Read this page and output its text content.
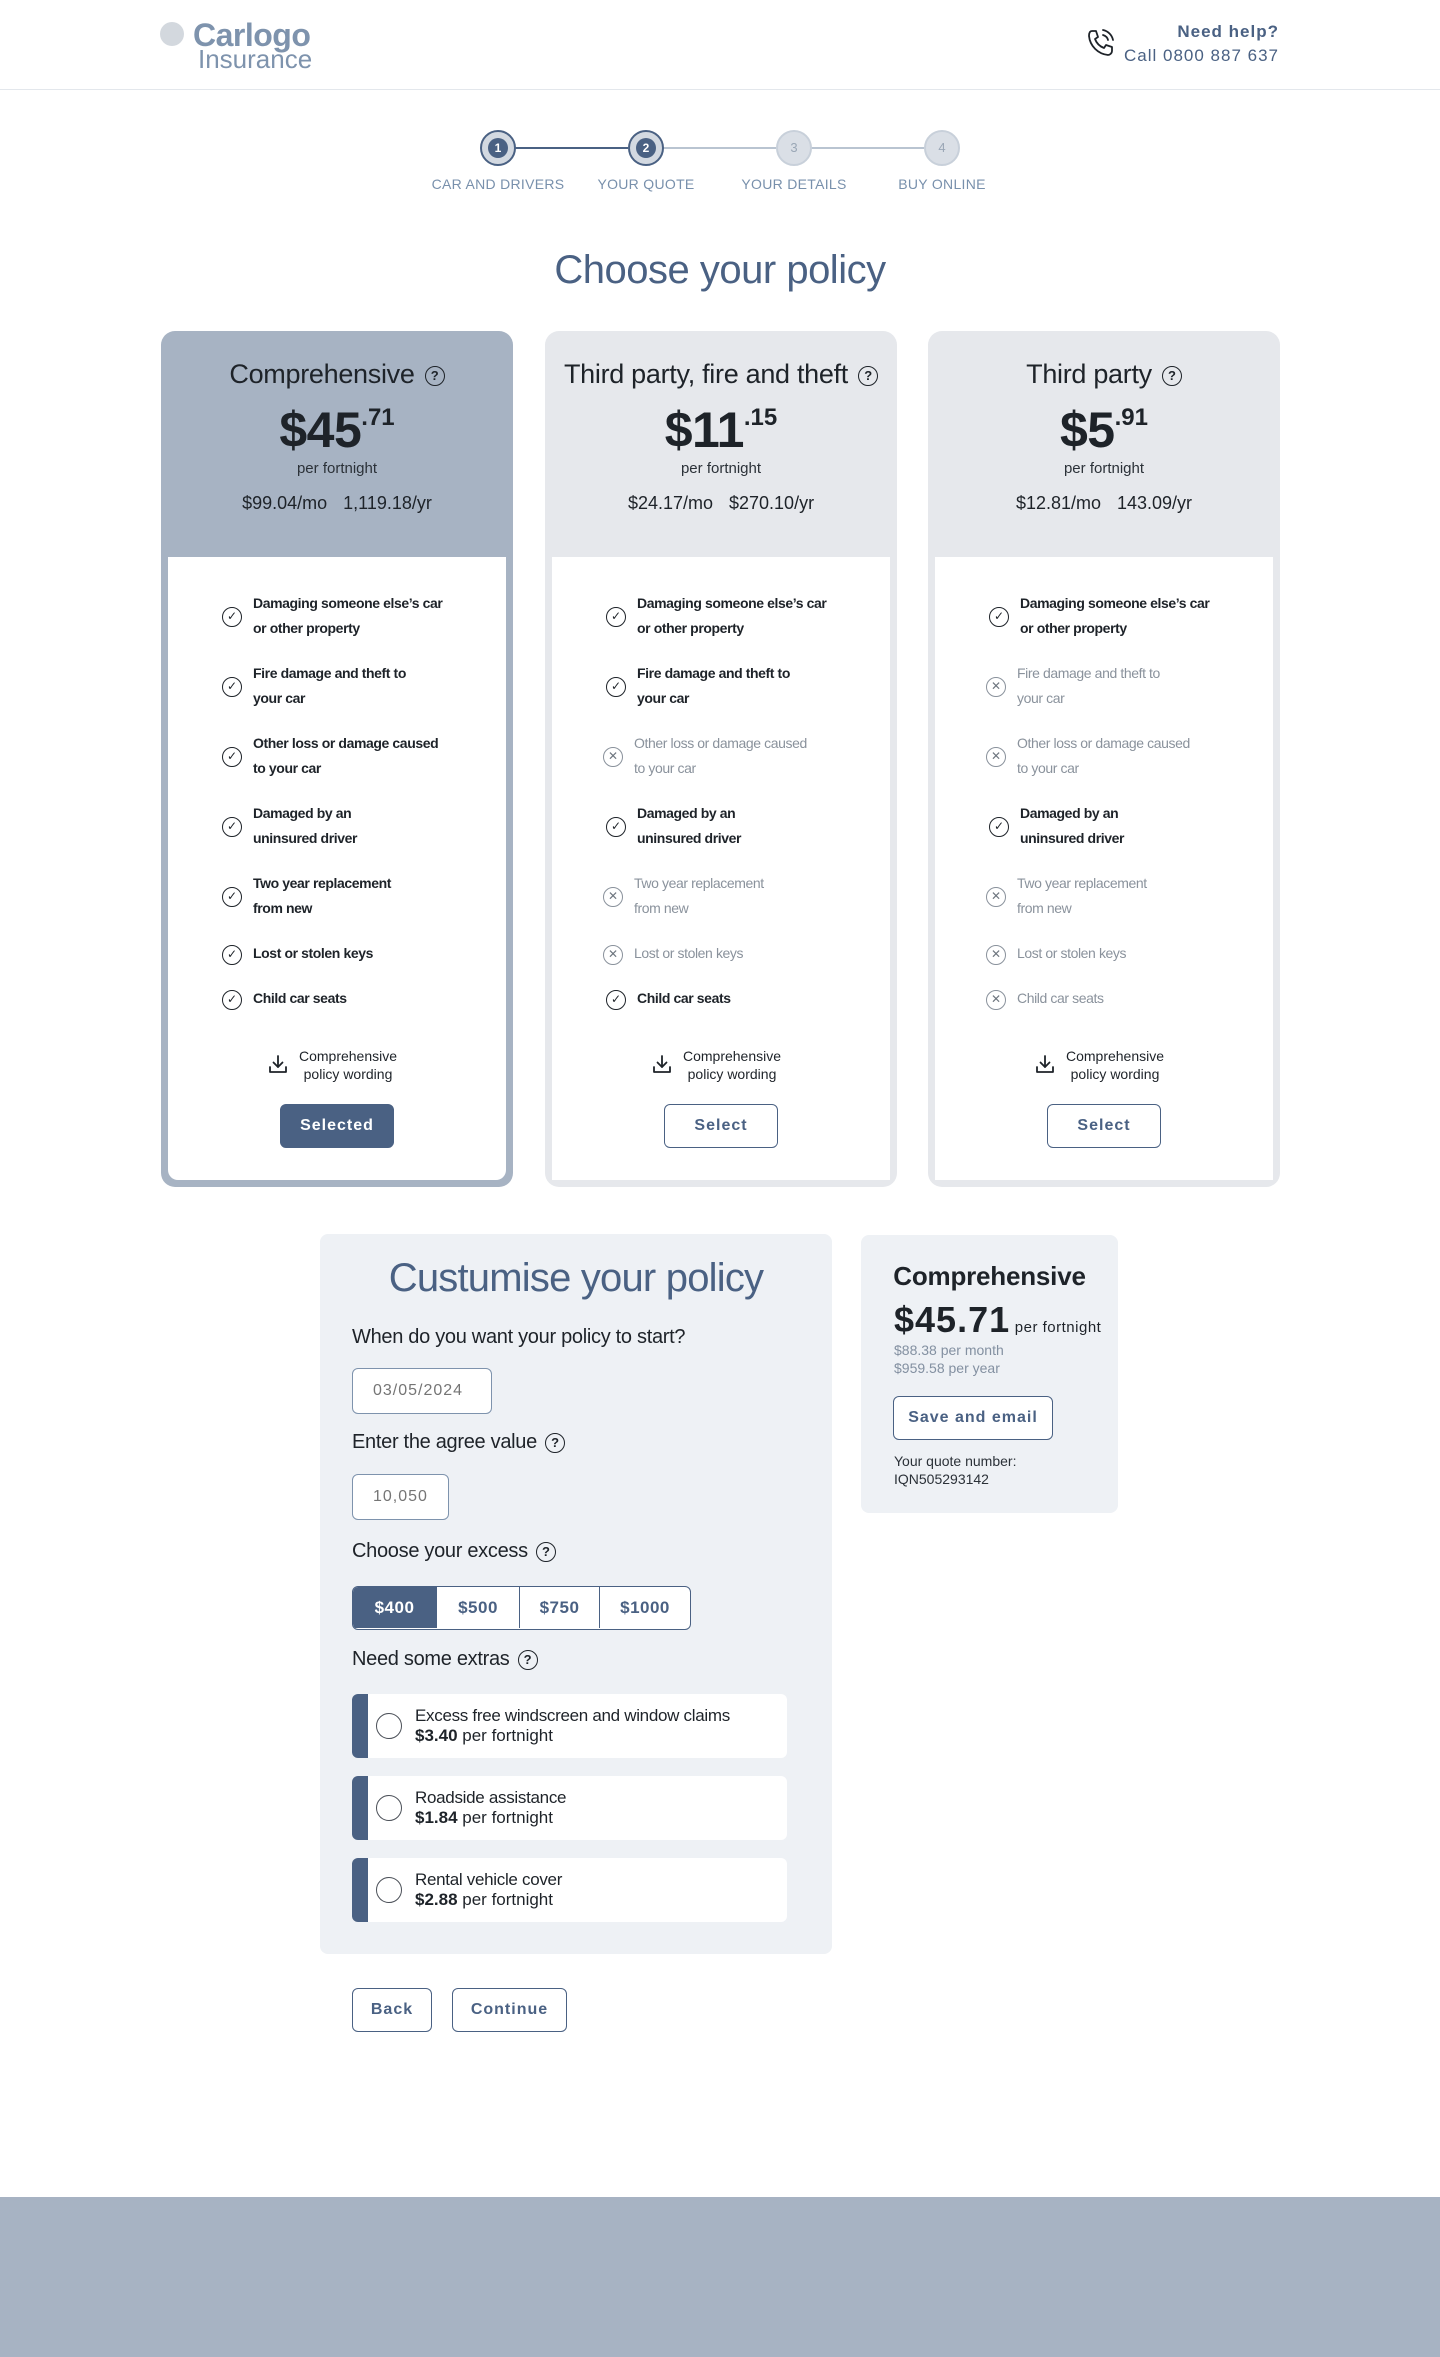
Carlogo
Insurance
Need help?
Call 0800 887 637
1	2	3	4
CAR AND DRIVERS YOUR QUOTE	YOUR DETAILS	BUY ONLINE
Choose your policy
Comprehensive ?
$45.71
per fortnight
$99.04/mo 1,119.18/yr
✓
Damaging someone else’s car
or other property
✓
Fire damage and theft to
your car
✓
Other loss or damage caused
to your car
✓
Damaged by an
uninsured driver
✓
Two year replacement
from new
✓	Lost or stolen keys
✓	Child car seats
Comprehensive
policy wording
Selected
Third party, fire and theft ?
$11.15
per fortnight
$24.17/mo $270.10/yr
✓
Damaging someone else’s car
or other property
✓
Fire damage and theft to
your car
✕
Other loss or damage caused
to your car
✓
Damaged by an
uninsured driver
✕
Two year replacement
from new
✕	Lost or stolen keys
✓	Child car seats
Comprehensive
policy wording
Select
Third party ?
$5.91
per fortnight
$12.81/mo 143.09/yr
✓
Damaging someone else’s car
or other property
✕
Fire damage and theft to
your car
✕
Other loss or damage caused
to your car
✓
Damaged by an
uninsured driver
✕
Two year replacement
from new
✕	Lost or stolen keys
✕	Child car seats
Comprehensive
policy wording
Select
Custumise your policy
When do you want your policy to start?
03/05/2024
Enter the agree value ?
10,050
Choose your excess ?
$400	$500	$750	$1000
Need some extras ?
Excess free windscreen and window claims
$3.40 per fortnight
Roadside assistance
$1.84 per fortnight
Rental vehicle cover
$2.88 per fortnight
Comprehensive
$45.71 per fortnight
$88.38 per month
$959.58 per year
Save and email
Your quote number:
IQN505293142
Back	Continue
